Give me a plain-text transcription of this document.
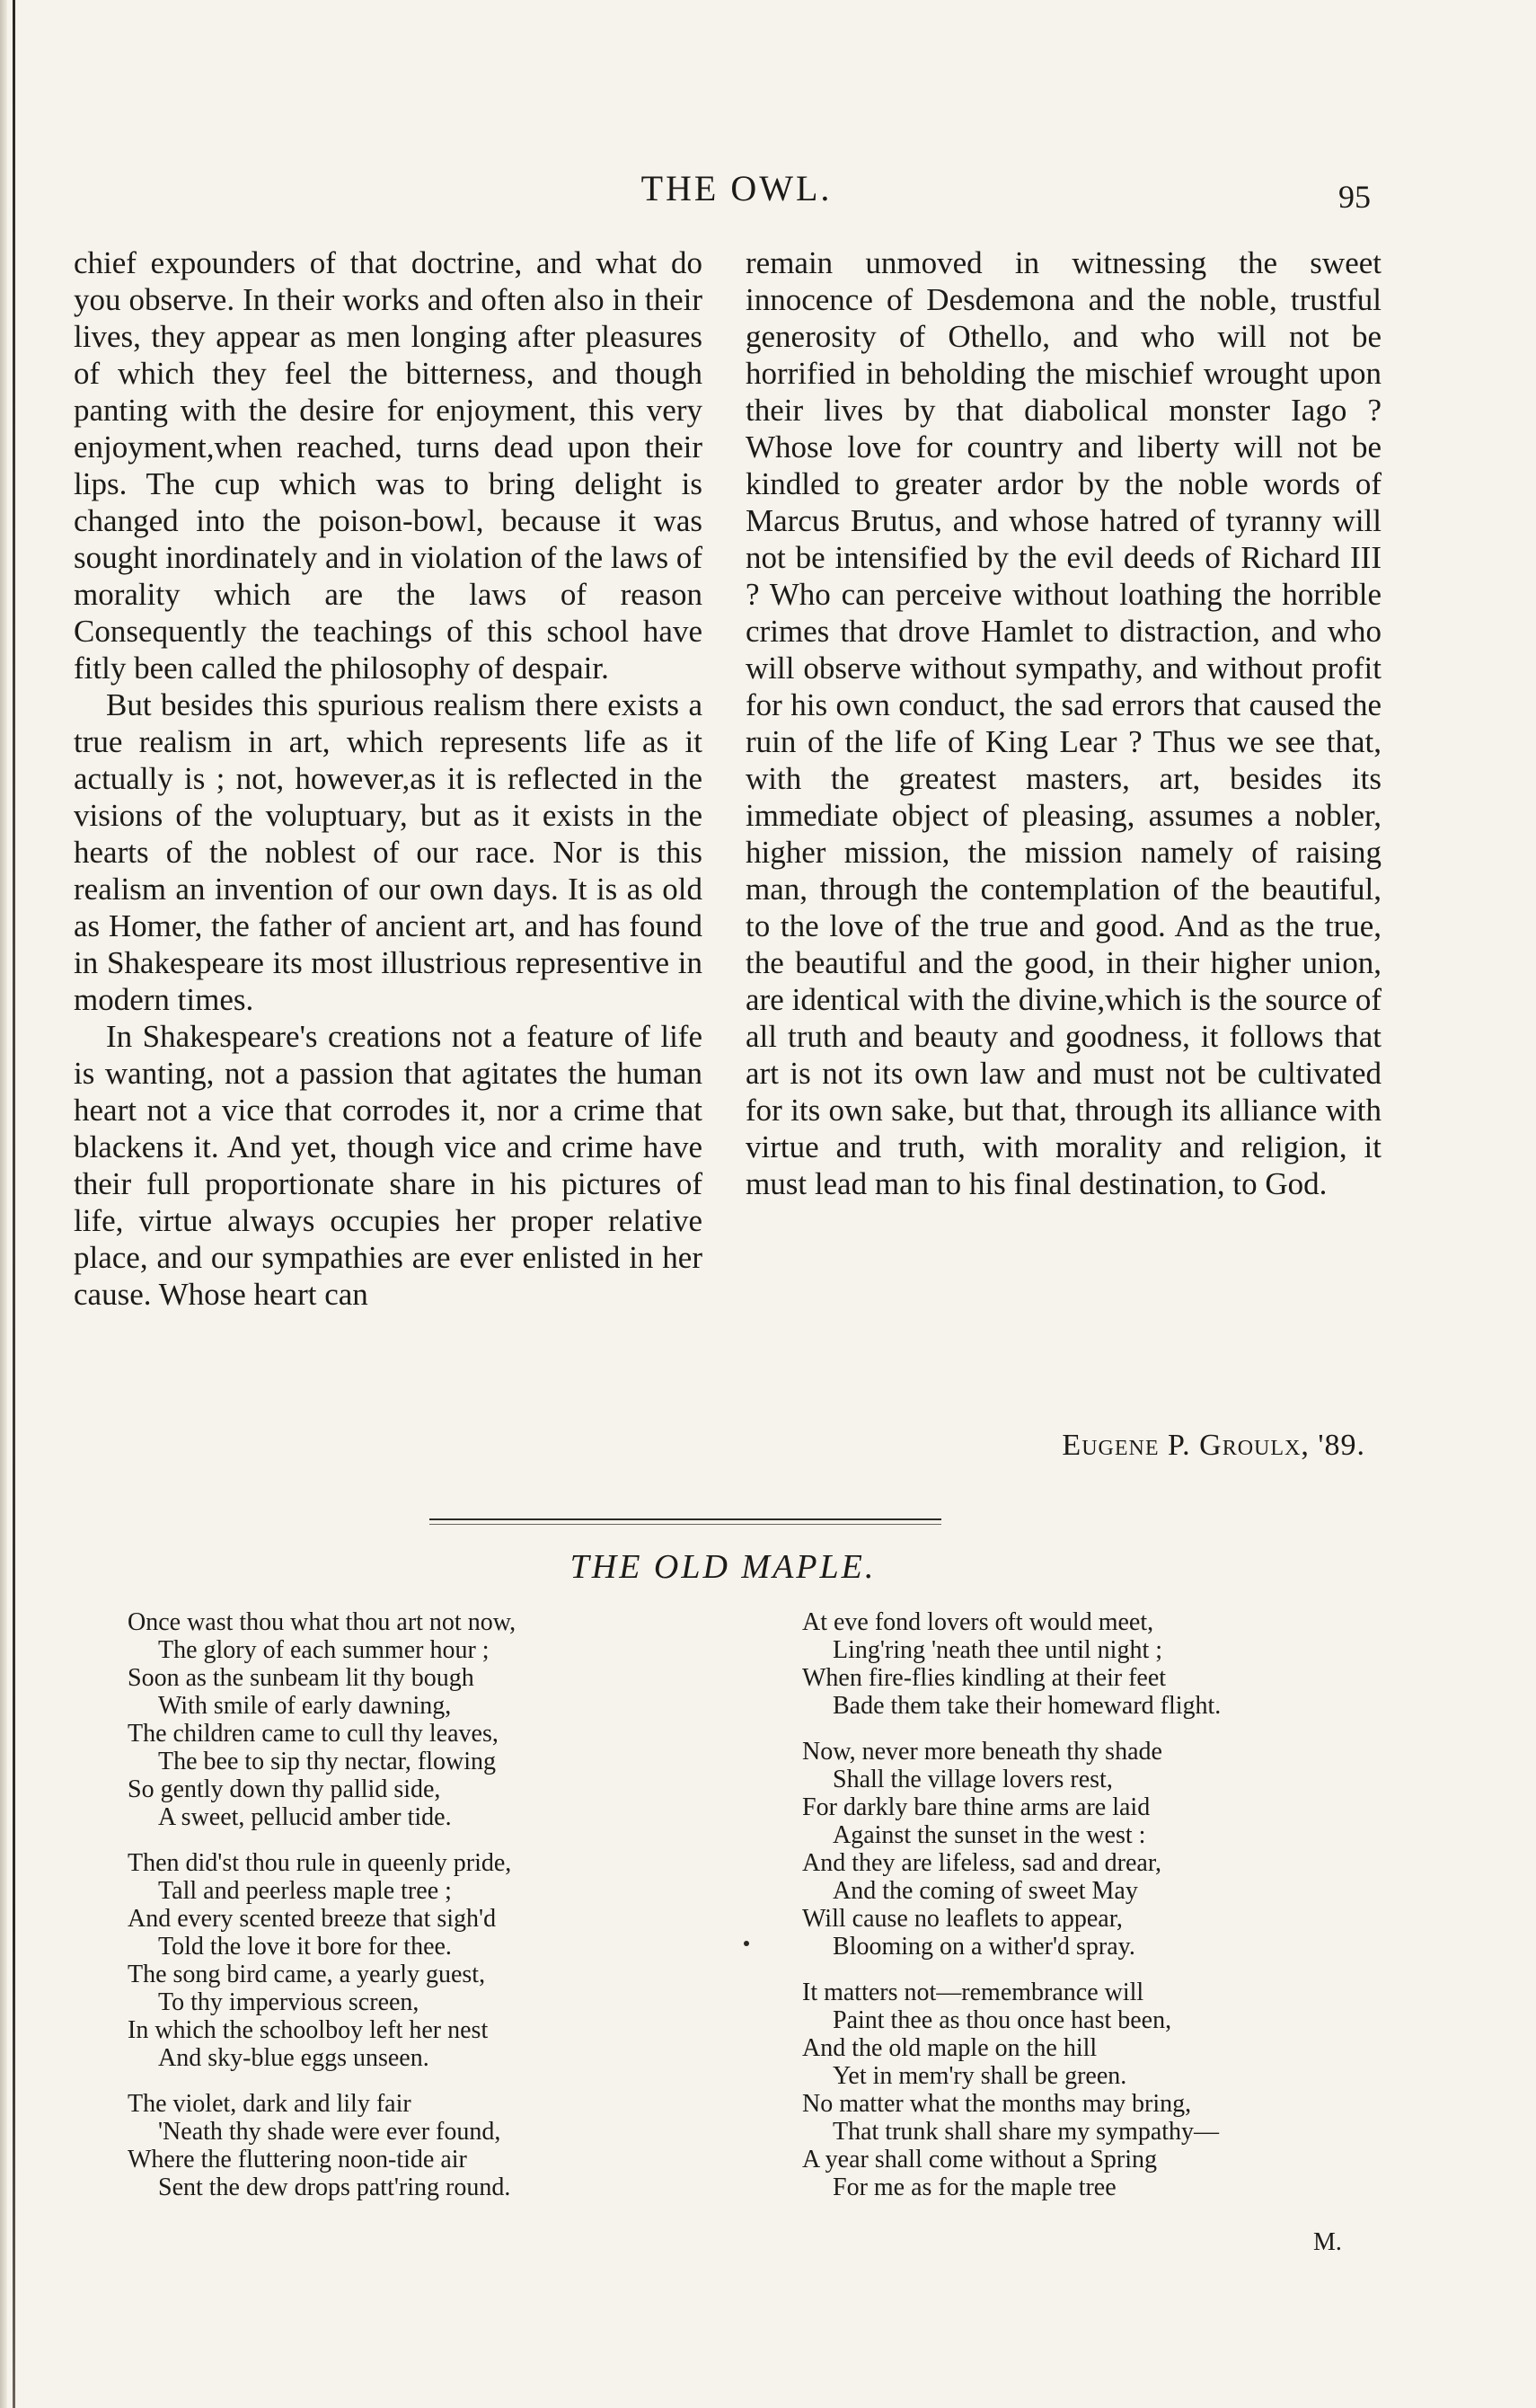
THE OWL.	95

chief expounders of that doctrine, and what do you observe. In their works and often also in their lives, they appear as men longing after pleasures of which they feel the bitterness, and though panting with the desire for enjoyment, this very enjoyment,when reached, turns dead upon their lips. The cup which was to bring delight is changed into the poison-bowl, because it was sought inordinately and in violation of the laws of morality which are the laws of reason Consequently the teachings of this school have fitly been called the philosophy of despair.

But besides this spurious realism there exists a true realism in art, which represents life as it actually is ; not, however,as it is reflected in the visions of the voluptuary, but as it exists in the hearts of the noblest of our race. Nor is this realism an invention of our own days. It is as old as Homer, the father of ancient art, and has found in Shakespeare its most illustrious representive in modern times.

In Shakespeare's creations not a feature of life is wanting, not a passion that agitates the human heart not a vice that corrodes it, nor a crime that blackens it. And yet, though vice and crime have their full proportionate share in his pictures of life, virtue always occupies her proper relative place, and our sympathies are ever enlisted in her cause. Whose heart can

remain unmoved in witnessing the sweet innocence of Desdemona and the noble, trustful generosity of Othello, and who will not be horrified in beholding the mischief wrought upon their lives by that diabolical monster Iago ? Whose love for country and liberty will not be kindled to greater ardor by the noble words of Marcus Brutus, and whose hatred of tyranny will not be intensified by the evil deeds of Richard III ? Who can perceive without loathing the horrible crimes that drove Hamlet to distraction, and who will observe without sympathy, and without profit for his own conduct, the sad errors that caused the ruin of the life of King Lear ? Thus we see that, with the greatest masters, art, besides its immediate object of pleasing, assumes a nobler, higher mission, the mission namely of raising man, through the contemplation of the beautiful, to the love of the true and good. And as the true, the beautiful and the good, in their higher union, are identical with the divine,which is the source of all truth and beauty and goodness, it follows that art is not its own law and must not be cultivated for its own sake, but that, through its alliance with virtue and truth, with morality and religion, it must lead man to his final destination, to God.

Eugene P. Groulx, '89.
THE OLD MAPLE.
Once wast thou what thou art not now,
The glory of each summer hour ;
Soon as the sunbeam lit thy bough
With smile of early dawning,
The children came to cull thy leaves,
The bee to sip thy nectar, flowing
So gently down thy pallid side,
A sweet, pellucid amber tide.
Then did'st thou rule in queenly pride,
Tall and peerless maple tree ;
And every scented breeze that sigh'd
Told the love it bore for thee.
The song bird came, a yearly guest,
To thy impervious screen,
In which the schoolboy left her nest
And sky-blue eggs unseen.
The violet, dark and lily fair
'Neath thy shade were ever found,
Where the fluttering noon-tide air
Sent the dew drops patt'ring round.
At eve fond lovers oft would meet,
Ling'ring 'neath thee until night ;
When fire-flies kindling at their feet
Bade them take their homeward flight.
Now, never more beneath thy shade
Shall the village lovers rest,
For darkly bare thine arms are laid
Against the sunset in the west :
And they are lifeless, sad and drear,
And the coming of sweet May
Will cause no leaflets to appear,
Blooming on a wither'd spray.
It matters not—remembrance will
Paint thee as thou once hast been,
And the old maple on the hill
Yet in mem'ry shall be green.
No matter what the months may bring,
That trunk shall share my sympathy—
A year shall come without a Spring
For me as for the maple tree
M.
